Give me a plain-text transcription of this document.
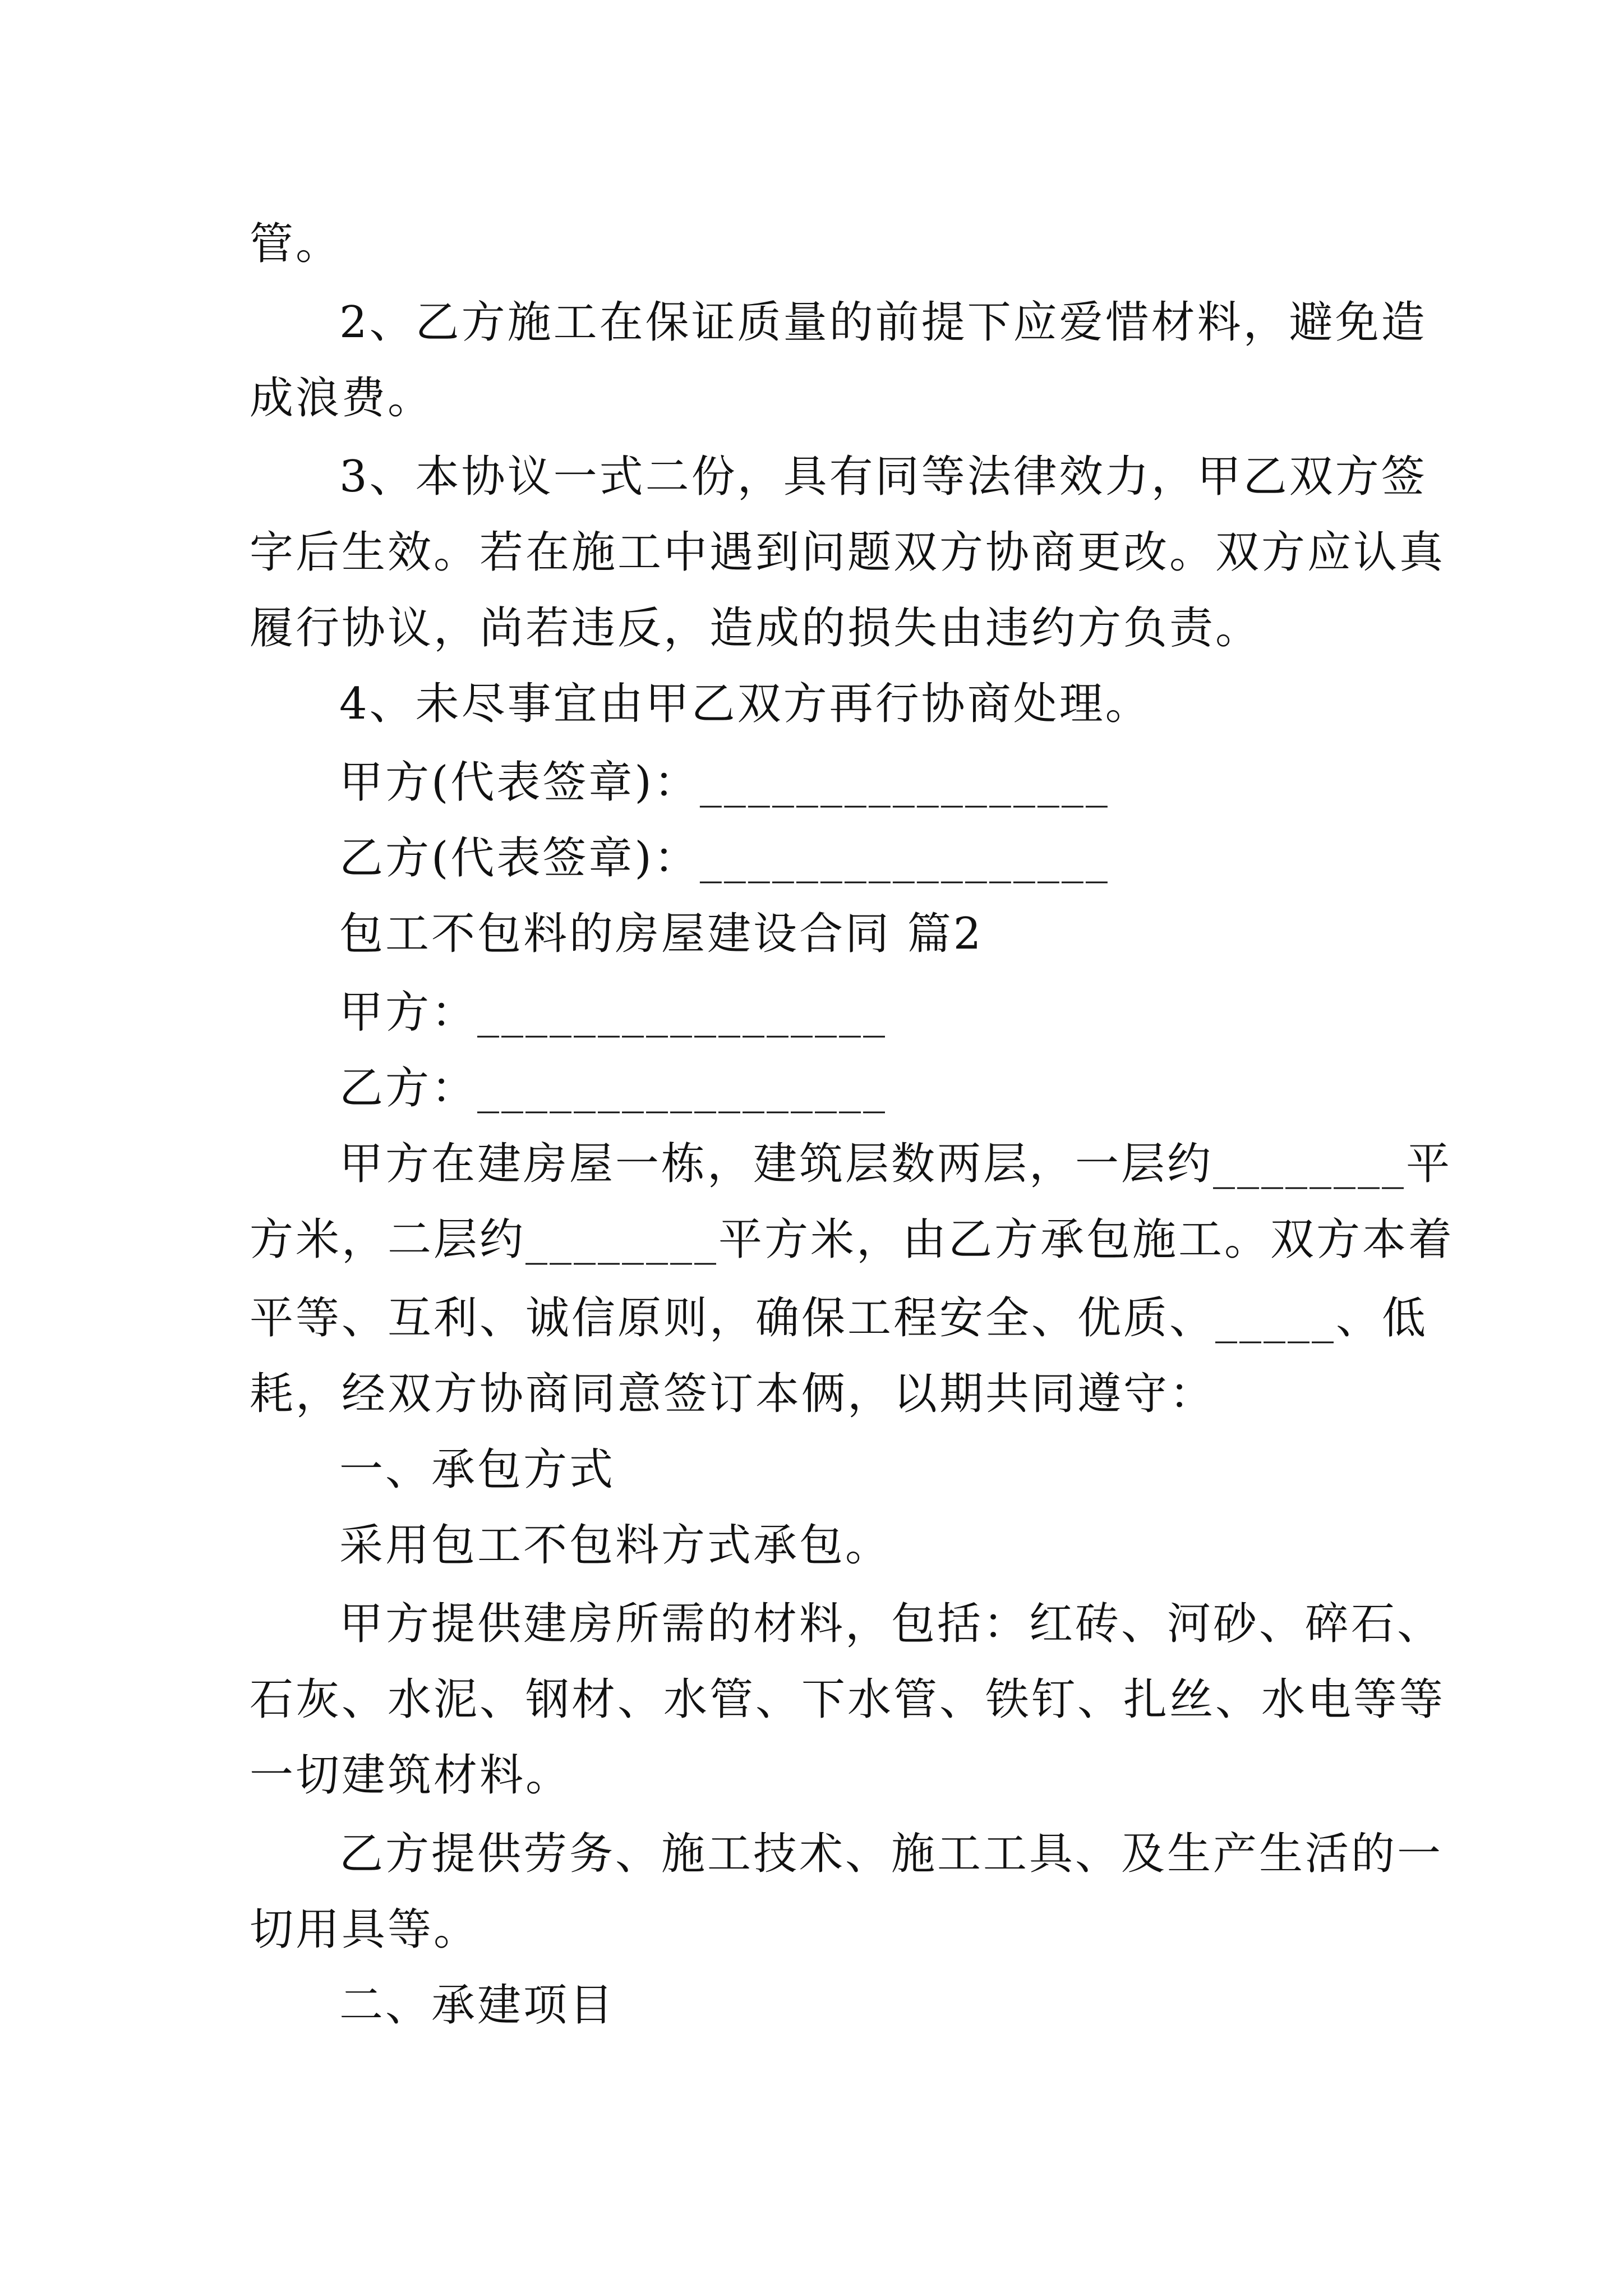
管。
2、乙方施工在保证质量的前提下应爱惜材料，避免造
成浪费。
3、本协议一式二份，具有同等法律效力，甲乙双方签
字后生效。若在施工中遇到问题双方协商更改。双方应认真
履行协议，尚若违反，造成的损失由违约方负责。
4、未尽事宜由甲乙双方再行协商处理。
甲方(代表签章)：_________________
乙方(代表签章)：_________________
包工不包料的房屋建设合同 篇2
甲方：_________________
乙方：_________________
甲方在建房屋一栋，建筑层数两层，一层约________平
方米，二层约________平方米，由乙方承包施工。双方本着
平等、互利、诚信原则，确保工程安全、优质、_____、低
耗，经双方协商同意签订本俩，以期共同遵守：
一、承包方式
采用包工不包料方式承包。
甲方提供建房所需的材料，包括：红砖、河砂、碎石、
石灰、水泥、钢材、水管、下水管、铁钉、扎丝、水电等等
一切建筑材料。
乙方提供劳务、施工技术、施工工具、及生产生活的一
切用具等。
二、承建项目
